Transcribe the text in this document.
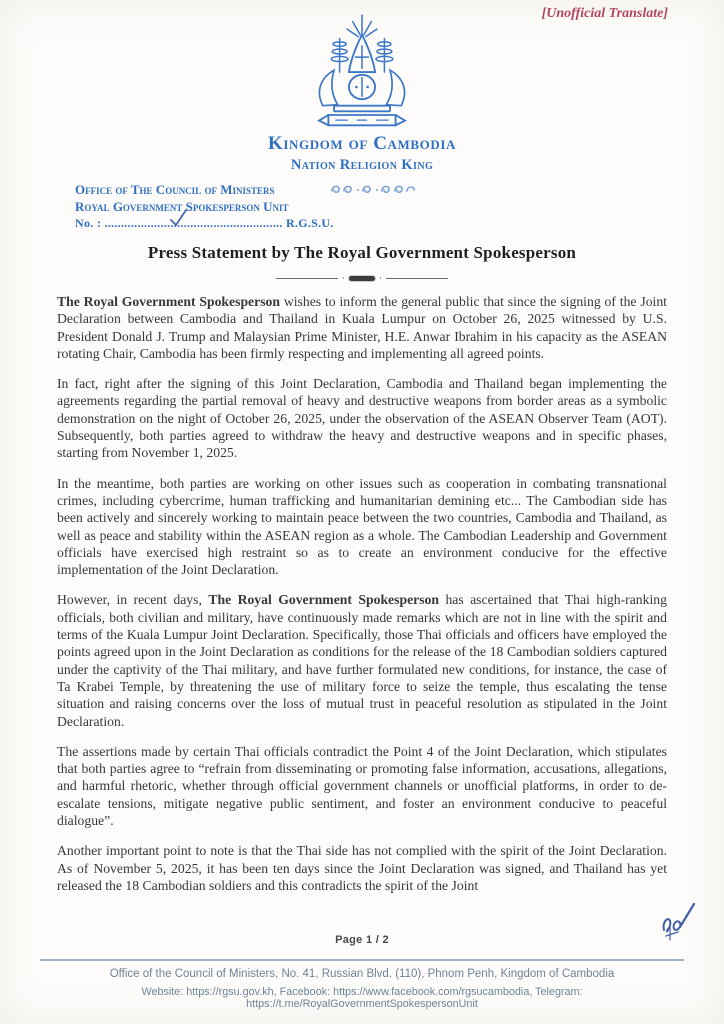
[Unofficial Translate]
Kingdom of Cambodia
Nation Religion King
Office of The Council of Ministers
Royal Government Spokesperson Unit
No. : ...................................................... R.G.S.U.
Press Statement by The Royal Government Spokesperson
·	·

The Royal Government Spokesperson wishes to inform the general public that since the signing of the Joint Declaration between Cambodia and Thailand in Kuala Lumpur on October 26, 2025 witnessed by U.S. President Donald J. Trump and Malaysian Prime Minister, H.E. Anwar Ibrahim in his capacity as the ASEAN rotating Chair, Cambodia has been firmly respecting and implementing all agreed points.

In fact, right after the signing of this Joint Declaration, Cambodia and Thailand began implementing the agreements regarding the partial removal of heavy and destructive weapons from border areas as a symbolic demonstration on the night of October 26, 2025, under the observation of the ASEAN Observer Team (AOT). Subsequently, both parties agreed to withdraw the heavy and destructive weapons and in specific phases, starting from November 1, 2025.

In the meantime, both parties are working on other issues such as cooperation in combating transnational crimes, including cybercrime, human trafficking and humanitarian demining etc... The Cambodian side has been actively and sincerely working to maintain peace between the two countries, Cambodia and Thailand, as well as peace and stability within the ASEAN region as a whole. The Cambodian Leadership and Government officials have exercised high restraint so as to create an environment conducive for the effective implementation of the Joint Declaration.

However, in recent days, The Royal Government Spokesperson has ascertained that Thai high-ranking officials, both civilian and military, have continuously made remarks which are not in line with the spirit and terms of the Kuala Lumpur Joint Declaration. Specifically, those Thai officials and officers have employed the points agreed upon in the Joint Declaration as conditions for the release of the 18 Cambodian soldiers captured under the captivity of the Thai military, and have further formulated new conditions, for instance, the case of Ta Krabei Temple, by threatening the use of military force to seize the temple, thus escalating the tense situation and raising concerns over the loss of mutual trust in peaceful resolution as stipulated in the Joint Declaration.

The assertions made by certain Thai officials contradict the Point 4 of the Joint Declaration, which stipulates that both parties agree to “refrain from disseminating or promoting false information, accusations, allegations, and harmful rhetoric, whether through official government channels or unofficial platforms, in order to de-escalate tensions, mitigate negative public sentiment, and foster an environment conducive to peaceful dialogue”.

Another important point to note is that the Thai side has not complied with the spirit of the Joint Declaration. As of November 5, 2025, it has been ten days since the Joint Declaration was signed, and Thailand has yet released the 18 Cambodian soldiers and this contradicts the spirit of the Joint

Page 1 / 2
Office of the Council of Ministers, No. 41, Russian Blvd. (110), Phnom Penh, Kingdom of Cambodia
Website: https://rgsu.gov.kh, Facebook: https://www.facebook.com/rgsucambodia, Telegram: https://t.me/RoyalGovernmentSpokespersonUnit
